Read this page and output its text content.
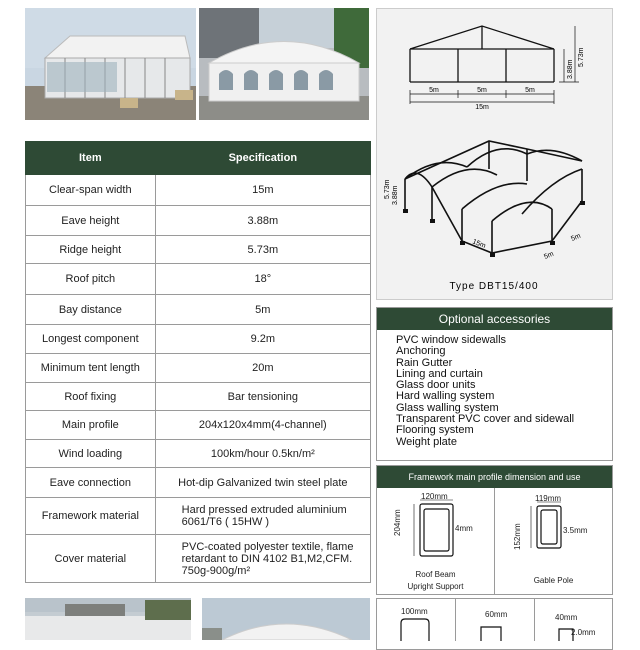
5m	5m	5m
15m
3.88m
5.73m
5.73m 3.88m
15m
5m
5m
Type DBT15/400
Item	Specification
Clear-span width	15m
Eave height	3.88m
Ridge height	5.73m
Roof pitch	18°
Bay distance	5m
Longest component	9.2m
Minimum tent length	20m
Roof fixing	Bar tensioning
Main profile	204x120x4mm(4-channel)
Wind loading	100km/hour 0.5kn/m²
Eave connection	Hot-dip Galvanized twin steel plate
Framework material	Hard pressed extruded aluminium 6061/T6 ( 15HW )
Cover material	PVC-coated polyester textile, flame retardant to DIN 4102 B1,M2,CFM. 750g-900g/m²
Optional accessories
PVC window sidewalls
Anchoring
Rain Gutter
Lining and curtain
Glass door units
Hard walling system
Glass walling system
Transparent PVC cover and sidewall
Flooring system
Weight plate
Framework main profile dimension and use
120mm
204mm	4mm
Roof Beam
Upright Support
119mm
152mm	3.5mm
Gable Pole
100mm	60mm	40mm
2.0mm
